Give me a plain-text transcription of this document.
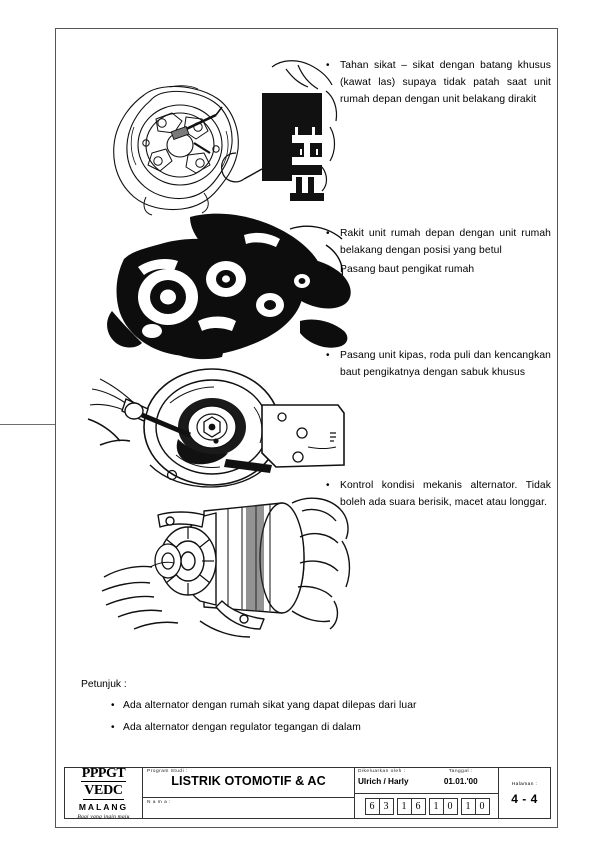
•	Tahan sikat – sikat dengan batang khusus (kawat las) supaya tidak patah saat unit rumah depan dengan unit belakang dirakit
•	Rakit unit rumah depan dengan unit rumah belakang dengan posisi yang betul
•	Pasang baut pengikat rumah
•	Pasang unit kipas, roda puli dan kencangkan baut pengikatnya dengan sabuk khusus
•	Kontrol kondisi mekanis alternator. Tidak boleh ada suara berisik, macet atau longgar.
Petunjuk :
• Ada alternator dengan rumah sikat yang dapat dilepas dari luar
• Ada alternator dengan regulator tegangan di dalam
PPPGT
VEDC
MALANG
Bagi yang ingin maju
Program Studi :
LISTRIK OTOMOTIF & AC
N a m a :
Dikeluarkan oleh :
Ulrich / Harly
Tanggal :
01.01.'00
6 3	1 6	1 0	1 0
Halaman :
4 - 4
